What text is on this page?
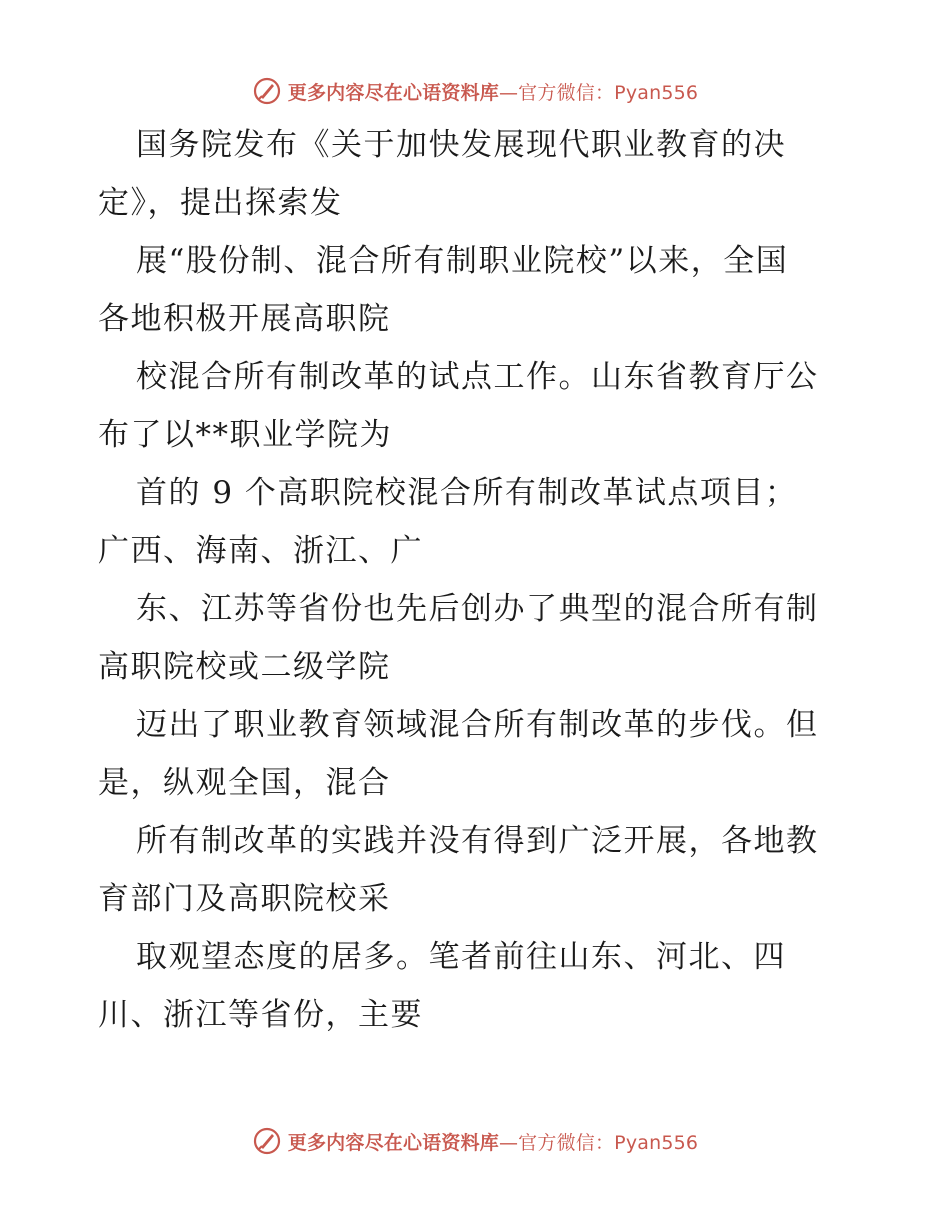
更多内容尽在心语资料库—官方微信：Pyan556
国务院发布《关于加快发展现代职业教育的决
定》，提出探索发
展“股份制、混合所有制职业院校”以来，全国
各地积极开展高职院
校混合所有制改革的试点工作。山东省教育厅公
布了以**职业学院为
首的 9 个高职院校混合所有制改革试点项目；
广西、海南、浙江、广
东、江苏等省份也先后创办了典型的混合所有制
高职院校或二级学院
迈出了职业教育领域混合所有制改革的步伐。但
是，纵观全国，混合
所有制改革的实践并没有得到广泛开展，各地教
育部门及高职院校采
取观望态度的居多。笔者前往山东、河北、四
川、浙江等省份，主要
更多内容尽在心语资料库—官方微信：Pyan556
